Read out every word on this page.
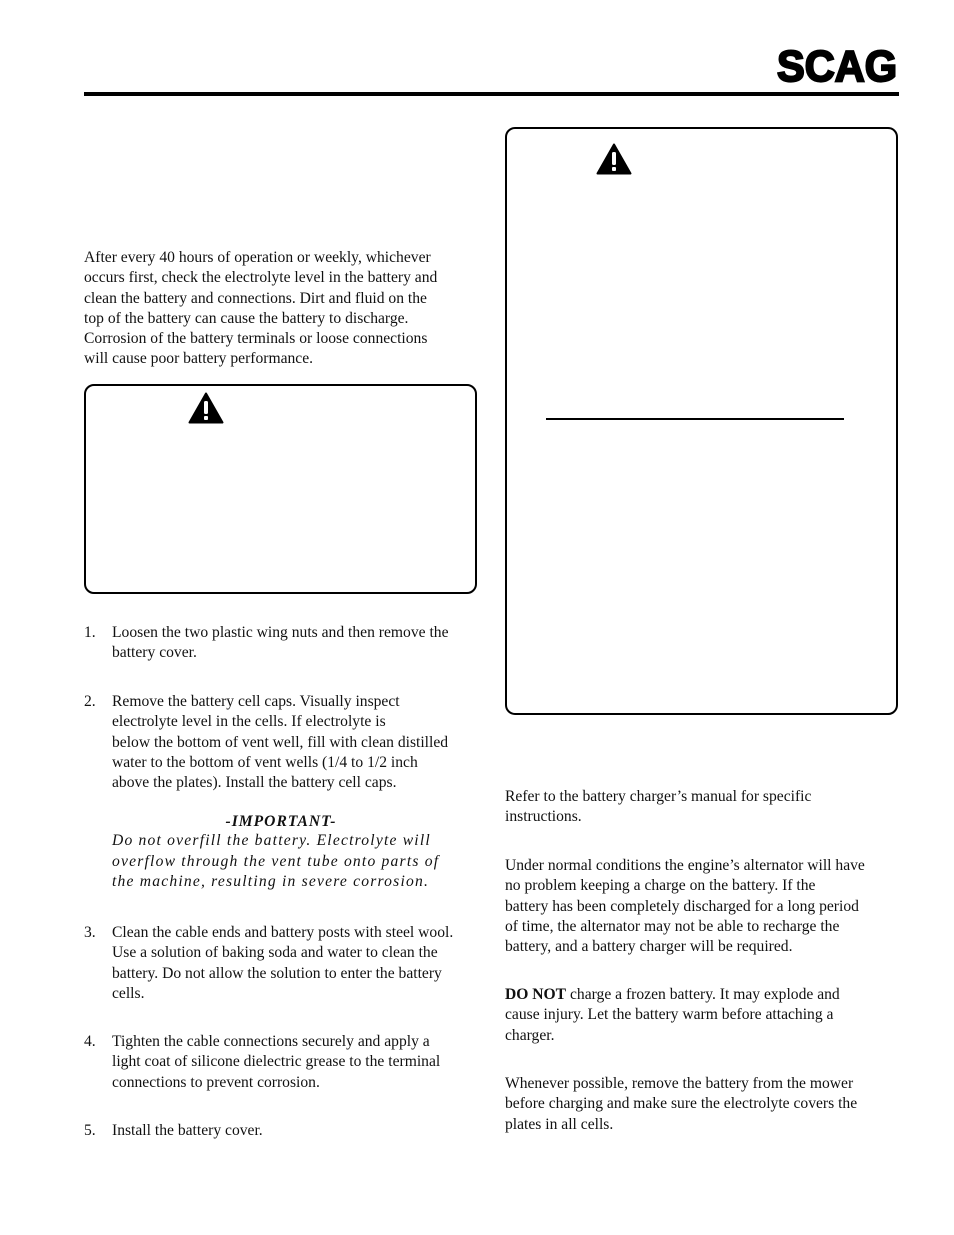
SCAG
After every 40 hours of operation or weekly, whichever
occurs first, check the electrolyte level in the battery and
clean the battery and connections. Dirt and fluid on the
top of the battery can cause the battery to discharge.
Corrosion of the battery terminals or loose connections
will cause poor battery performance.
1.	Loosen the two plastic wing nuts and then remove the
battery cover.
2.	Remove the battery cell caps. Visually inspect
electrolyte level in the cells. If electrolyte is
below the bottom of vent well, fill with clean distilled
water to the bottom of vent wells (1/4 to 1/2 inch
above the plates). Install the battery cell caps.
-IMPORTANT-
Do not overfill the battery. Electrolyte will
overflow through the vent tube onto parts of
the machine, resulting in severe corrosion.
3.	Clean the cable ends and battery posts with steel wool.
Use a solution of baking soda and water to clean the
battery. Do not allow the solution to enter the battery
cells.
4.	Tighten the cable connections securely and apply a
light coat of silicone dielectric grease to the terminal
connections to prevent corrosion.
5.	Install the battery cover.
Refer to the battery charger’s manual for specific
instructions.
Under normal conditions the engine’s alternator will have
no problem keeping a charge on the battery. If the
battery has been completely discharged for a long period
of time, the alternator may not be able to recharge the
battery, and a battery charger will be required.
DO NOT charge a frozen battery. It may explode and
cause injury. Let the battery warm before attaching a
charger.
Whenever possible, remove the battery from the mower
before charging and make sure the electrolyte covers the
plates in all cells.
